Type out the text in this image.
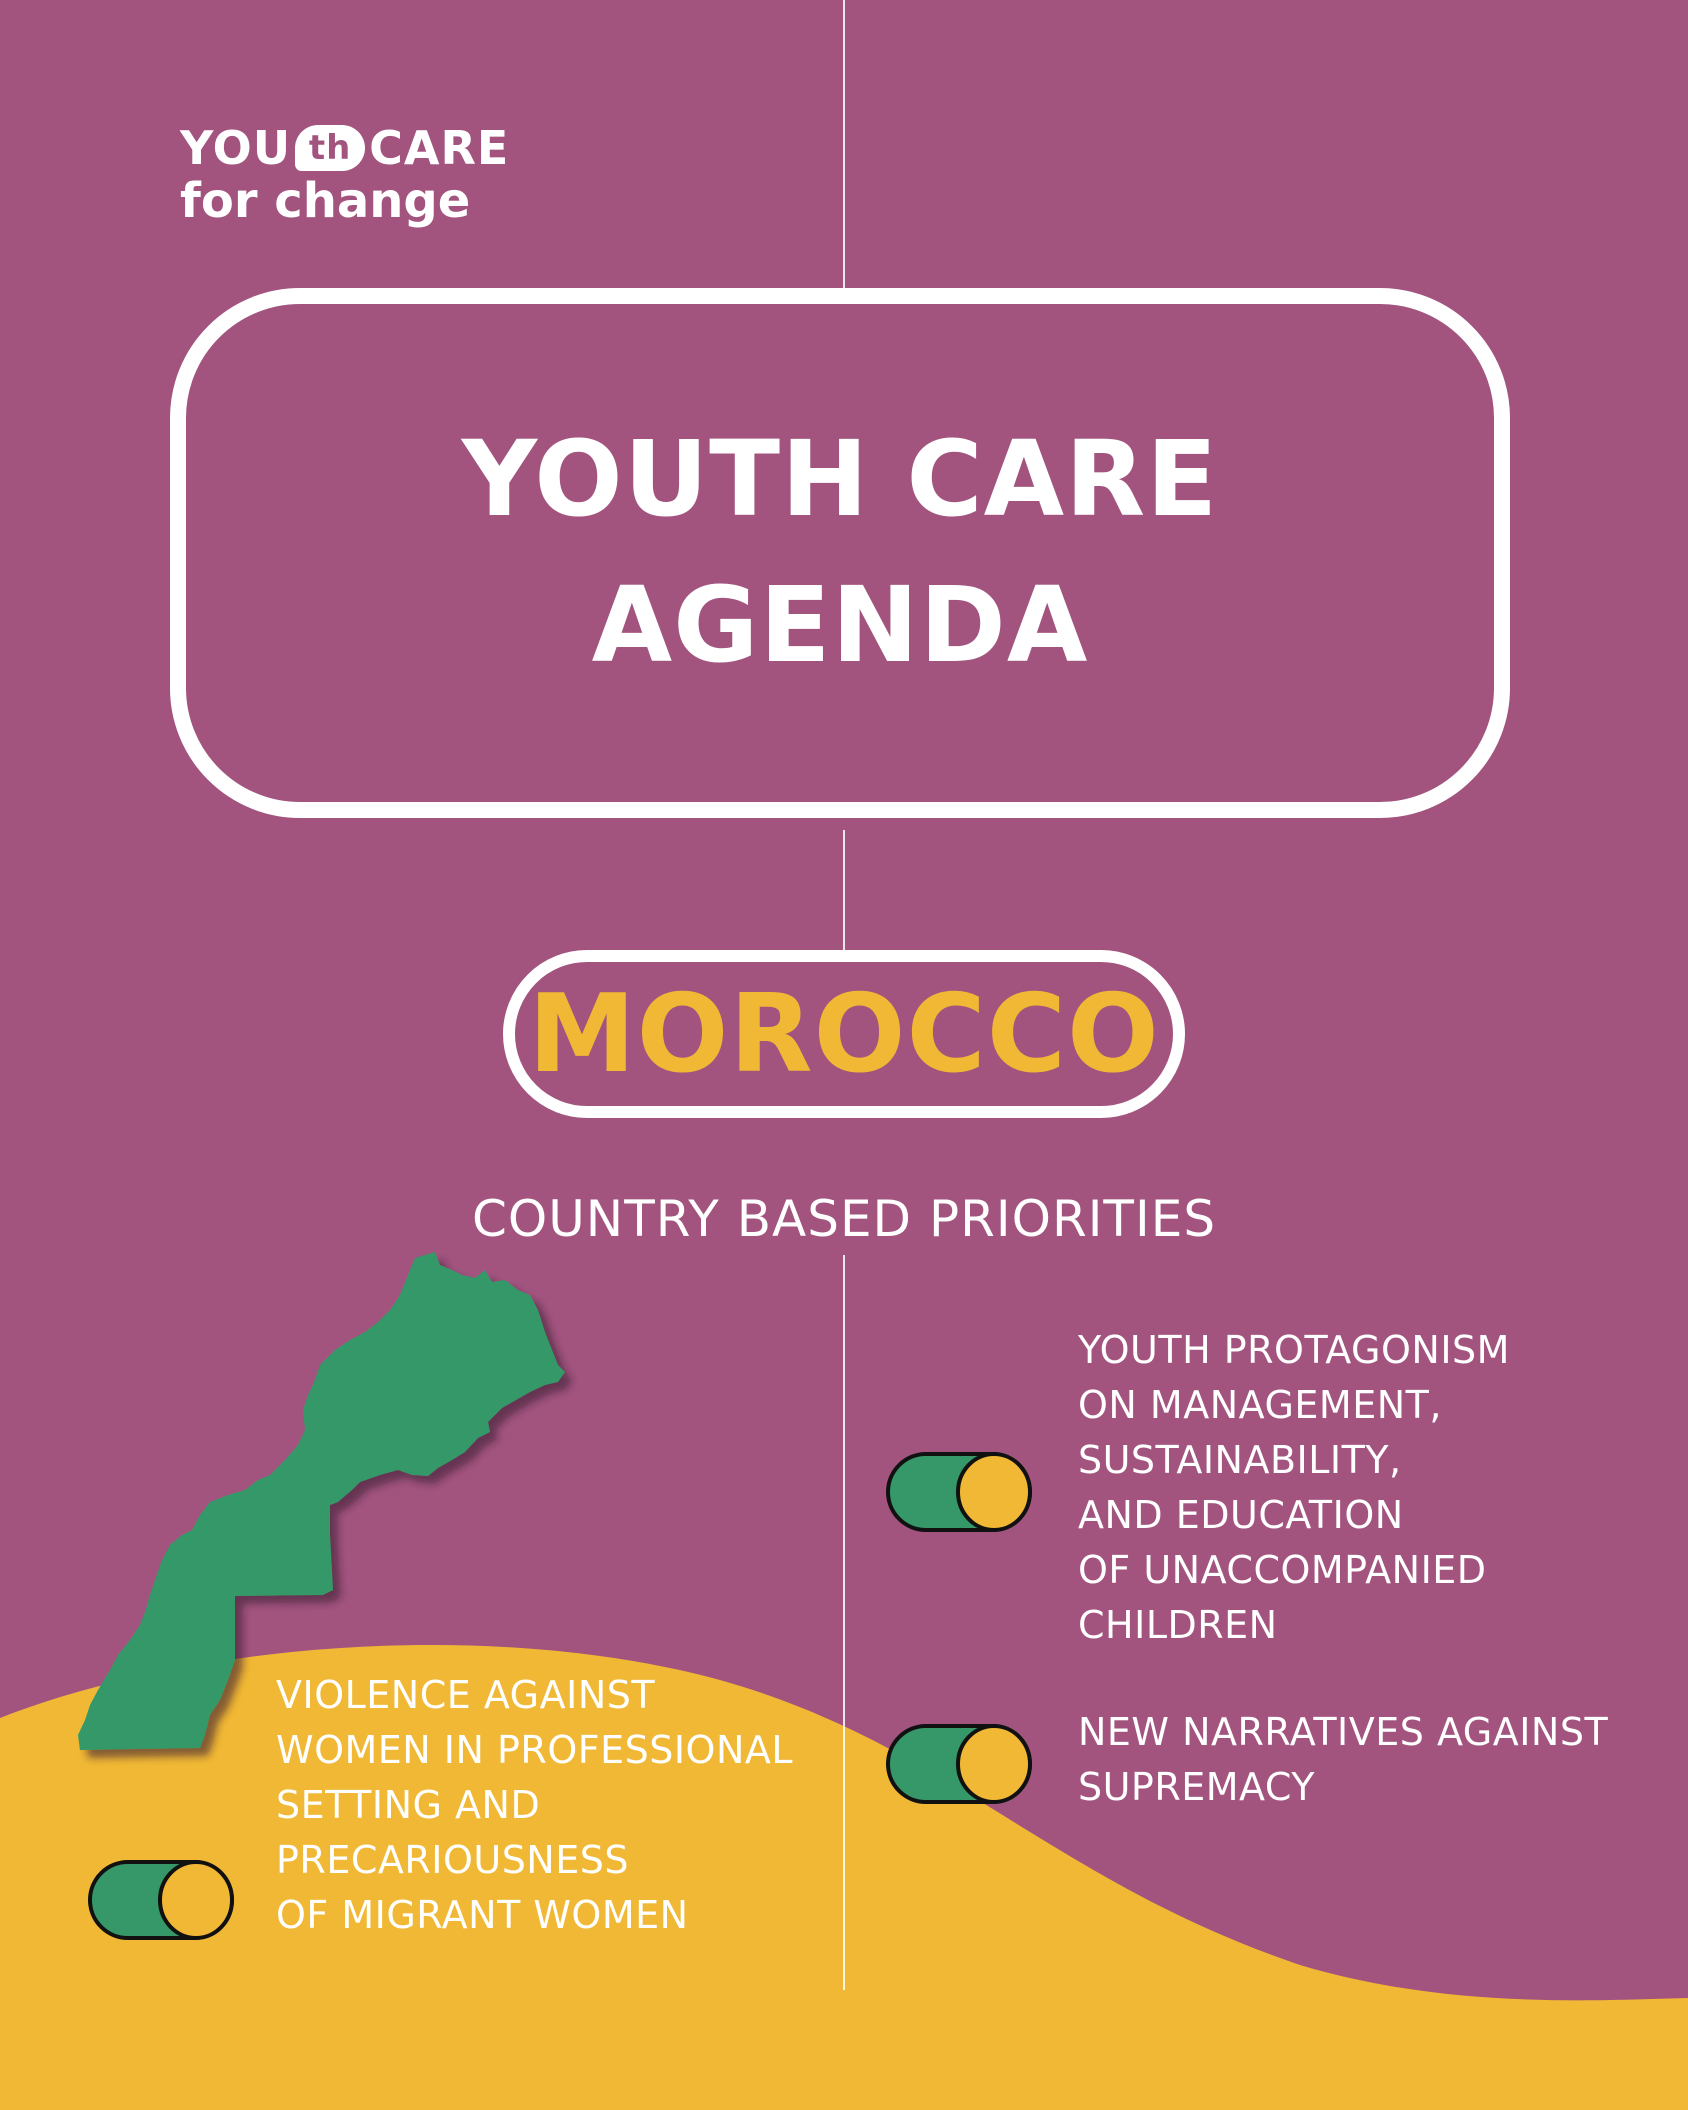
YOU th CARE
for change
YOUTH CARE
AGENDA
MOROCCO
COUNTRY BASED PRIORITIES
VIOLENCE AGAINST
WOMEN IN PROFESSIONAL
SETTING AND
PRECARIOUSNESS
OF MIGRANT WOMEN
YOUTH PROTAGONISM
ON MANAGEMENT,
SUSTAINABILITY,
AND EDUCATION
OF UNACCOMPANIED
CHILDREN
NEW NARRATIVES AGAINST
SUPREMACY
